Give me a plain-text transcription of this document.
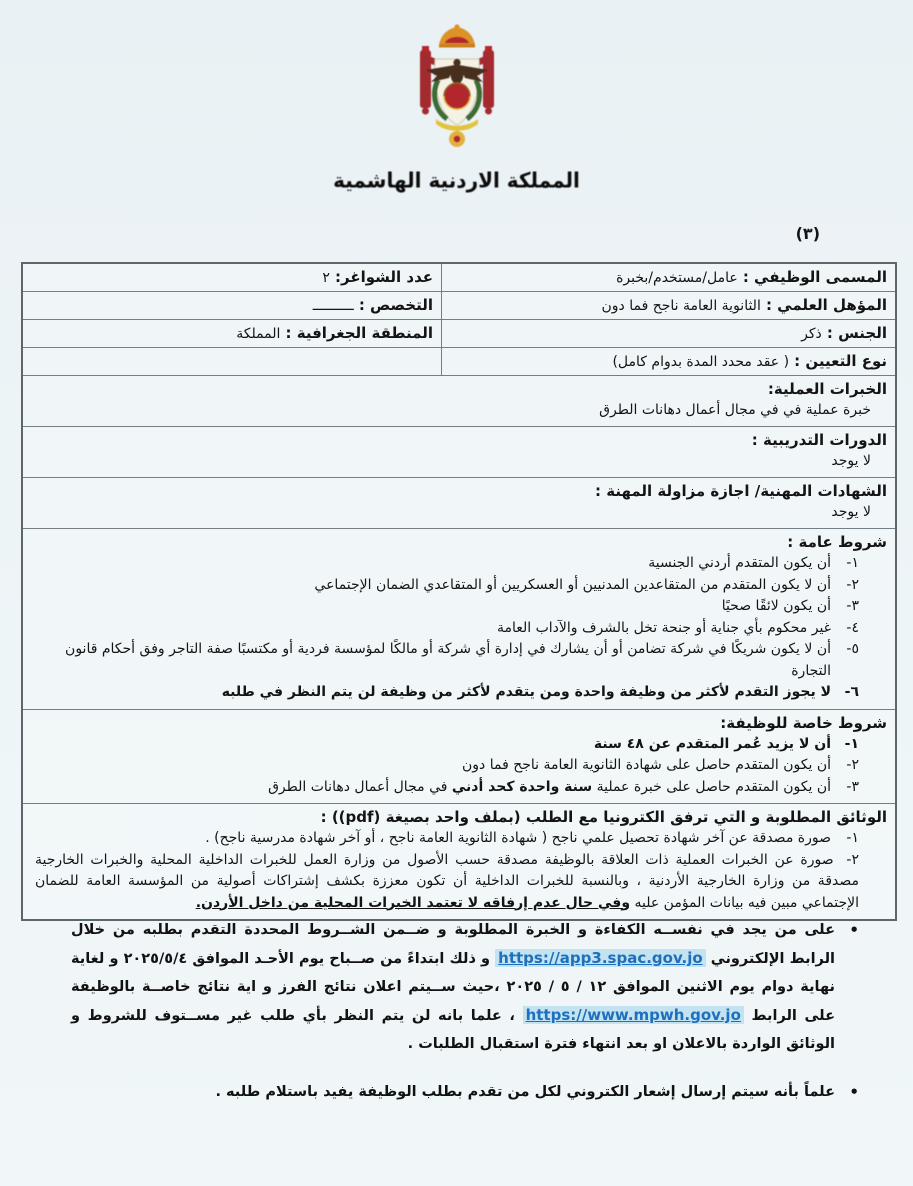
المملكة الاردنية الهاشمية
(٣)
المسمى الوظيفي : عامل/مستخدم/بخبرة
عدد الشواغر: ٢
المؤهل العلمي : الثانوية العامة ناجح فما دون
التخصص : ــــــــــ
الجنس : ذكر
المنطقة الجغرافية : المملكة
نوع التعيين : ( عقد محدد المدة بدوام كامل)
الخبرات العملية:
خبرة عملية في في مجال أعمال دهانات الطرق
الدورات التدريبية :
لا يوجد
الشهادات المهنية/ اجازة مزاولة المهنة :
لا يوجد
شروط عامة :
١-
أن يكون المتقدم أردني الجنسية
٢-
أن لا يكون المتقدم من المتقاعدين المدنيين أو العسكريين أو المتقاعدي الضمان الإجتماعي
٣-
أن يكون لائقًا صحيًا
٤-
غير محكوم بأي جناية أو جنحة تخل بالشرف والآداب العامة
٥-
أن لا يكون شريكًا في شركة تضامن أو أن يشارك في إدارة أي شركة أو مالكًا لمؤسسة فردية أو مكتسبًا صفة التاجر وفق أحكام قانون التجارة
٦-
لا يجوز التقدم لأكثر من وظيفة واحدة ومن يتقدم لأكثر من وظيفة لن يتم النظر في طلبه
شروط خاصة للوظيفة:
١-
أن لا يزيد عُمر المتقدم عن ٤٨ سنة
٢-
أن يكون المتقدم حاصل على شهادة الثانوية العامة ناجح فما دون
٣-
أن يكون المتقدم حاصل على خبرة عملية سنة واحدة كحد أدني في مجال أعمال دهانات الطرق
الوثائق المطلوبة و التي ترفق الكترونيا مع الطلب (بملف واحد بصيغة (pdf)) :
١-
صورة مصدقة عن آخر شهادة تحصيل علمي ناجح ( شهادة الثانوية العامة ناجح ، أو آخر شهادة مدرسية ناجح) .
٢- صورة عن الخبرات العملية ذات العلاقة بالوظيفة مصدقة حسب الأصول من وزارة العمل للخبرات الداخلية المحلية والخبرات الخارجية مصدقة من وزارة الخارجية الأردنية ، وبالنسبة للخبرات الداخلية أن تكون معززة بكشف إشتراكات أصولية من المؤسسة العامة للضمان الإجتماعي مبين فيه بيانات المؤمن عليه وفي حال عدم إرفاقه لا تعتمد الخبرات المحلية من داخل الأردن.
•
على من يجد في نفســه الكفاءة و الخبرة المطلوبة و ضــمن الشــروط المحددة التقدم بطلبه من خلال الرابط الإلكتروني https://app3.spac.gov.jo و ذلك ابتداءً من صــباح يوم الأحـد الموافق ٢٠٢٥/٥/٤ و لغاية نهاية دوام يوم الاثنين الموافق ١٢ / ٥ / ٢٠٢٥ ،حيث ســيتم اعلان نتائج الفرز و اية نتائج خاصــة بالوظيفة على الرابط https://www.mpwh.gov.jo ، علما بانه لن يتم النظر بأي طلب غير مســتوف للشروط و الوثائق الواردة بالاعلان او بعد انتهاء فترة استقبال الطلبات .
•
علماً بأنه سيتم إرسال إشعار الكتروني لكل من تقدم بطلب الوظيفة يفيد باستلام طلبه .
